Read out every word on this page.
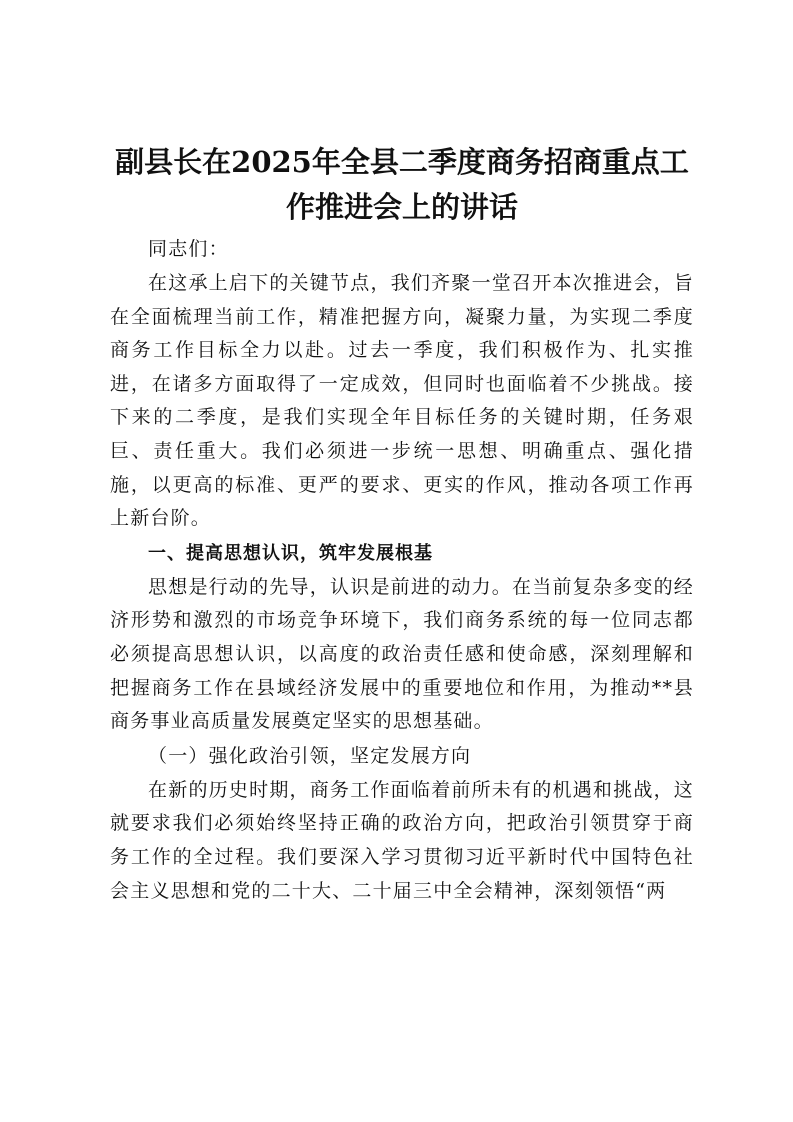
副县长在2025年全县二季度商务招商重点工作推进会上的讲话

同志们：

在这承上启下的关键节点，我们齐聚一堂召开本次推进会，旨在全面梳理当前工作，精准把握方向，凝聚力量，为实现二季度商务工作目标全力以赴。过去一季度，我们积极作为、扎实推进，在诸多方面取得了一定成效，但同时也面临着不少挑战。接下来的二季度，是我们实现全年目标任务的关键时期，任务艰巨、责任重大。我们必须进一步统一思想、明确重点、强化措施，以更高的标准、更严的要求、更实的作风，推动各项工作再上新台阶。

一、提高思想认识，筑牢发展根基

思想是行动的先导，认识是前进的动力。在当前复杂多变的经济形势和激烈的市场竞争环境下，我们商务系统的每一位同志都必须提高思想认识，以高度的政治责任感和使命感，深刻理解和把握商务工作在县域经济发展中的重要地位和作用，为推动**县商务事业高质量发展奠定坚实的思想基础。

（一）强化政治引领，坚定发展方向

在新的历史时期，商务工作面临着前所未有的机遇和挑战，这就要求我们必须始终坚持正确的政治方向，把政治引领贯穿于商务工作的全过程。我们要深入学习贯彻习近平新时代中国特色社会主义思想和党的二十大、二十届三中全会精神，深刻领悟“两
